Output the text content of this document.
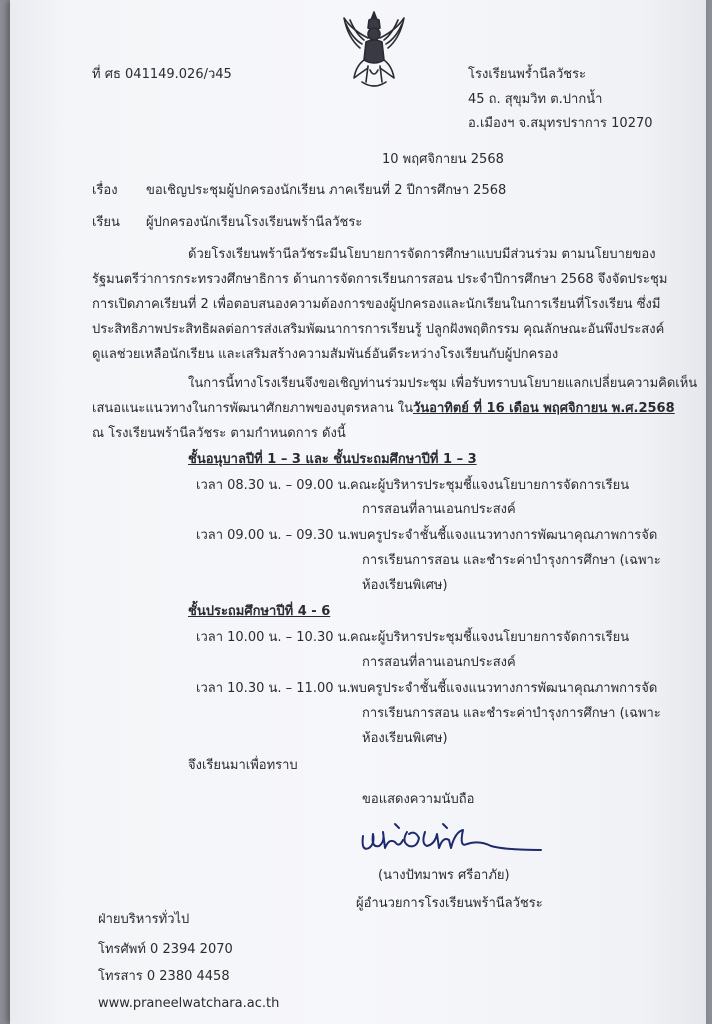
ที่ ศธ 041149.026/ว45	โรงเรียนพรํ้านีลวัชระ
45 ถ. สุขุมวิท ต.ปากน้ำ
อ.เมืองฯ จ.สมุทรปราการ 10270
10 พฤศจิกายน 2568
เรื่อง ขอเชิญประชุมผู้ปกครองนักเรียน ภาคเรียนที่ 2 ปีการศึกษา 2568
เรียน ผู้ปกครองนักเรียนโรงเรียนพร้านีลวัชระ
ด้วยโรงเรียนพร้านีลวัชระมีนโยบายการจัดการศึกษาแบบมีส่วนร่วม ตามนโยบายของ
รัฐมนตรีว่าการกระทรวงศึกษาธิการ ด้านการจัดการเรียนการสอน ประจำปีการศึกษา 2568 จึงจัดประชุม
การเปิดภาคเรียนที่ 2 เพื่อตอบสนองความต้องการของผู้ปกครองและนักเรียนในการเรียนที่โรงเรียน ซึ่งมี
ประสิทธิภาพประสิทธิผลต่อการส่งเสริมพัฒนาการการเรียนรู้ ปลูกฝังพฤติกรรม คุณลักษณะอันพึงประสงค์
ดูแลช่วยเหลือนักเรียน และเสริมสร้างความสัมพันธ์อันดีระหว่างโรงเรียนกับผู้ปกครอง
ในการนี้ทางโรงเรียนจึงขอเชิญท่านร่วมประชุม เพื่อรับทราบนโยบายแลกเปลี่ยนความคิดเห็น
เสนอแนะแนวทางในการพัฒนาศักยภาพของบุตรหลาน ในวันอาทิตย์ ที่ 16 เดือน พฤศจิกายน พ.ศ.2568
ณ โรงเรียนพร้านีลวัชระ ตามกำหนดการ ดังนี้
ชั้นอนุบาลปีที่ 1 – 3 และ ชั้นประถมศึกษาปีที่ 1 – 3
เวลา 08.30 น. – 09.00 น. คณะผู้บริหารประชุมชี้แจงนโยบายการจัดการเรียน
การสอนที่ลานเอนกประสงค์
เวลา 09.00 น. – 09.30 น. พบครูประจำชั้นชี้แจงแนวทางการพัฒนาคุณภาพการจัด
การเรียนการสอน และชำระค่าบำรุงการศึกษา (เฉพาะ
ห้องเรียนพิเศษ)
ชั้นประถมศึกษาปีที่ 4 - 6
เวลา 10.00 น. – 10.30 น. คณะผู้บริหารประชุมชี้แจงนโยบายการจัดการเรียน
การสอนที่ลานเอนกประสงค์
เวลา 10.30 น. – 11.00 น. พบครูประจำชั้นชี้แจงแนวทางการพัฒนาคุณภาพการจัด
การเรียนการสอน และชำระค่าบำรุงการศึกษา (เฉพาะ
ห้องเรียนพิเศษ)
จึงเรียนมาเพื่อทราบ
ขอแสดงความนับถือ
(นางปัทมาพร ศรีอาภัย)
ผู้อำนวยการโรงเรียนพร้านีลวัชระ
ฝ่ายบริหารทั่วไป
โทรศัพท์ 0 2394 2070
โทรสาร 0 2380 4458
www.praneelwatchara.ac.th
